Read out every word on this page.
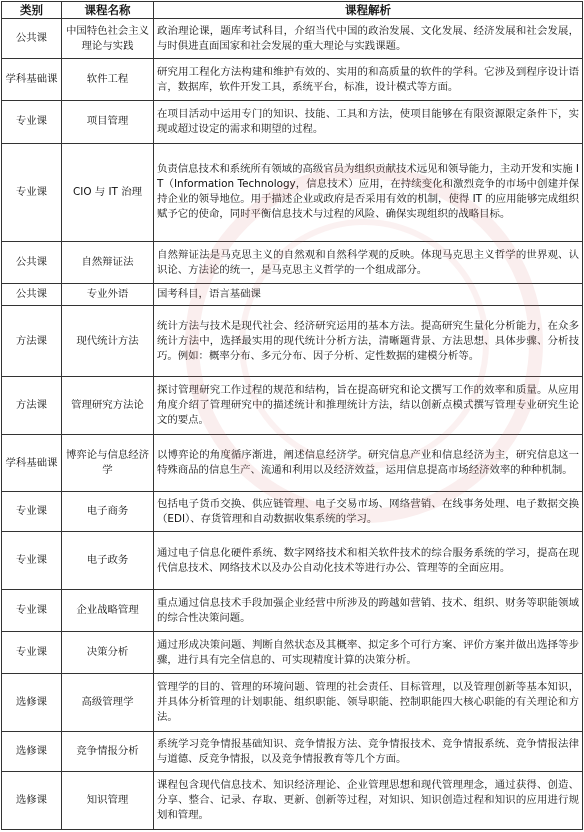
类别	课程名称	课程解析
公共课	中国特色社会主义理论与实践	政治理论课，题库考试科目，介绍当代中国的政治发展、文化发展、经济发展和社会发展，与时俱进直面国家和社会发展的重大理论与实践课题。
学科基础课	软件工程	研究用工程化方法构建和维护有效的、实用的和高质量的软件的学科。它涉及到程序设计语言，数据库，软件开发工具，系统平台，标准，设计模式等方面。
专业课	项目管理	在项目活动中运用专门的知识、技能、工具和方法，使项目能够在有限资源限定条件下，实现或超过设定的需求和期望的过程。
专业课	CIO 与 IT 治理	负责信息技术和系统所有领域的高级官员为组织贡献技术远见和领导能力，主动开发和实施 IT（Information Technology，信息技术）应用，在持续变化和激烈竞争的市场中创建并保持企业的领导地位。用于描述企业或政府是否采用有效的机制，使得 IT 的应用能够完成组织赋予它的使命，同时平衡信息技术与过程的风险、确保实现组织的战略目标。
公共课	自然辩证法	自然辩证法是马克思主义的自然观和自然科学观的反映。体现马克思主义哲学的世界观、认识论、方法论的统一，是马克思主义哲学的一个组成部分。
公共课	专业外语	国考科目，语言基础课
方法课	现代统计方法	统计方法与技术是现代社会、经济研究运用的基本方法。提高研究生量化分析能力，在众多统计方法中，选择最实用的现代统计分析方法，清晰题背景、方法思想、具体步骤、分析技巧。例如：概率分布、多元分布、因子分析、定性数据的建模分析等。
方法课	管理研究方法论	探讨管理研究工作过程的规范和结构，旨在提高研究和论文撰写工作的效率和质量。从应用角度介绍了管理研究中的描述统计和推理统计方法，结以创新点模式撰写管理专业研究生论文的要点。
学科基础课	博弈论与信息经济学	以博弈论的角度循序渐进，阐述信息经济学。研究信息产业和信息经济为主，研究信息这一特殊商品的信息生产、流通和利用以及经济效益，运用信息提高市场经济效率的种种机制。
专业课	电子商务	包括电子货币交换、供应链管理、电子交易市场、网络营销、在线事务处理、电子数据交换（EDI）、存货管理和自动数据收集系统的学习。
专业课	电子政务	通过电子信息化硬件系统、数字网络技术和相关软件技术的综合服务系统的学习，提高在现代信息技术、网络技术以及办公自动化技术等进行办公、管理等的全面应用。
专业课	企业战略管理	重点通过信息技术手段加强企业经营中所涉及的跨越如营销、技术、组织、财务等职能领域的综合性决策问题。
专业课	决策分析	通过形成决策问题、判断自然状态及其概率、拟定多个可行方案、评价方案并做出选择等步骤，进行具有完全信息的、可实现精度计算的决策分析。
选修课	高级管理学	管理学的目的、管理的环境问题、管理的社会责任、目标管理，以及管理创新等基本知识，并具体分析管理的计划职能、组织职能、领导职能、控制职能四大核心职能的有关理论和方法。
选修课	竞争情报分析	系统学习竞争情报基础知识、竞争情报方法、竞争情报技术、竞争情报系统、竞争情报法律与道德、反竞争情报，以及竞争情报教育等几个方面。
选修课	知识管理	课程包含现代信息技术、知识经济理论、企业管理思想和现代管理理念，通过获得、创造、分享、整合、记录、存取、更新、创新等过程，对知识、知识创造过程和知识的应用进行规划和管理。
